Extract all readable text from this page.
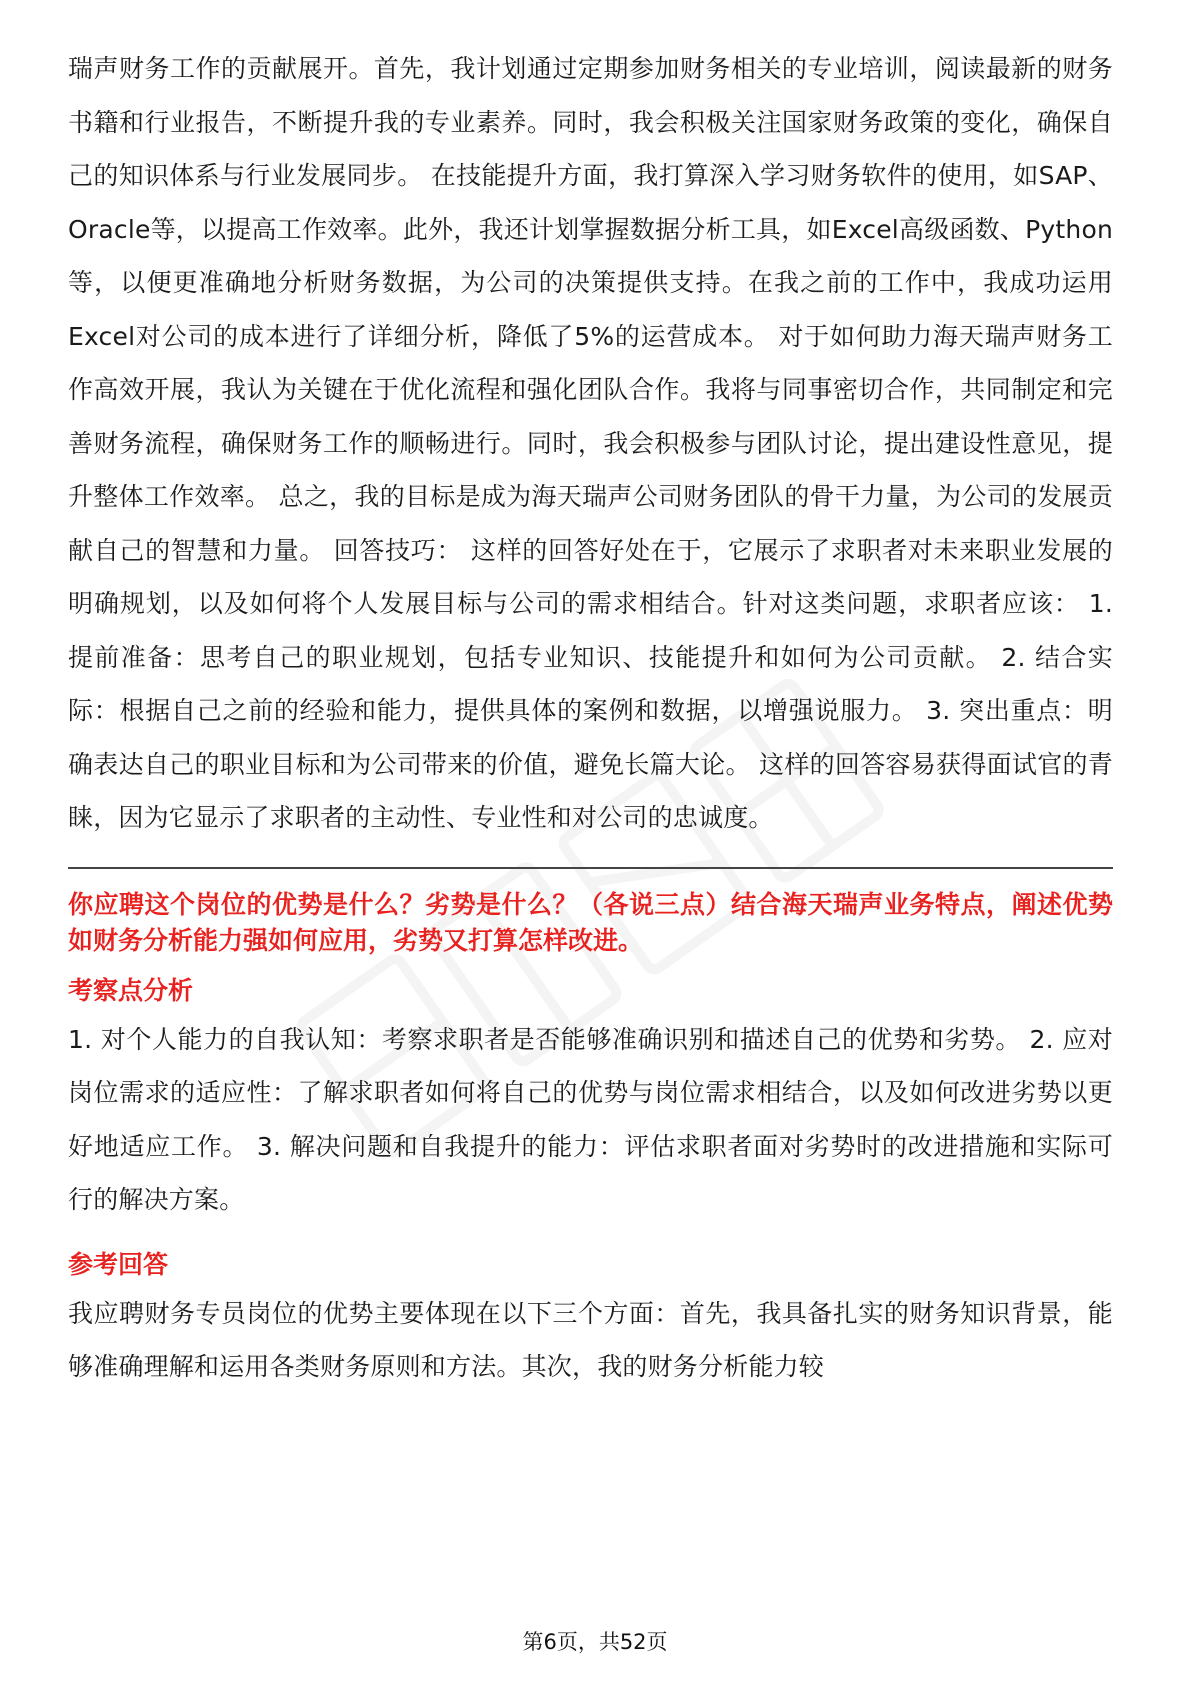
瑞声财务工作的贡献展开。首先，我计划通过定期参加财务相关的专业培训，阅读最新的财务书籍和行业报告，不断提升我的专业素养。同时，我会积极关注国家财务政策的变化，确保自己的知识体系与行业发展同步。 在技能提升方面，我打算深入学习财务软件的使用，如SAP、Oracle等，以提高工作效率。此外，我还计划掌握数据分析工具，如Excel高级函数、Python等，以便更准确地分析财务数据，为公司的决策提供支持。在我之前的工作中，我成功运用Excel对公司的成本进行了详细分析，降低了5%的运营成本。 对于如何助力海天瑞声财务工作高效开展，我认为关键在于优化流程和强化团队合作。我将与同事密切合作，共同制定和完善财务流程，确保财务工作的顺畅进行。同时，我会积极参与团队讨论，提出建设性意见，提升整体工作效率。 总之，我的目标是成为海天瑞声公司财务团队的骨干力量，为公司的发展贡献自己的智慧和力量。 回答技巧： 这样的回答好处在于，它展示了求职者对未来职业发展的明确规划，以及如何将个人发展目标与公司的需求相结合。针对这类问题，求职者应该： 1. 提前准备：思考自己的职业规划，包括专业知识、技能提升和如何为公司贡献。 2. 结合实际：根据自己之前的经验和能力，提供具体的案例和数据，以增强说服力。 3. 突出重点：明确表达自己的职业目标和为公司带来的价值，避免长篇大论。 这样的回答容易获得面试官的青睐，因为它显示了求职者的主动性、专业性和对公司的忠诚度。

你应聘这个岗位的优势是什么？劣势是什么？（各说三点）结合海天瑞声业务特点，阐述优势如财务分析能力强如何应用，劣势又打算怎样改进。

考察点分析

1. 对个人能力的自我认知：考察求职者是否能够准确识别和描述自己的优势和劣势。 2. 应对岗位需求的适应性：了解求职者如何将自己的优势与岗位需求相结合，以及如何改进劣势以更好地适应工作。 3. 解决问题和自我提升的能力：评估求职者面对劣势时的改进措施和实际可行的解决方案。

参考回答

我应聘财务专员岗位的优势主要体现在以下三个方面：首先，我具备扎实的财务知识背景，能够准确理解和运用各类财务原则和方法。其次，我的财务分析能力较

第6页，共52页
